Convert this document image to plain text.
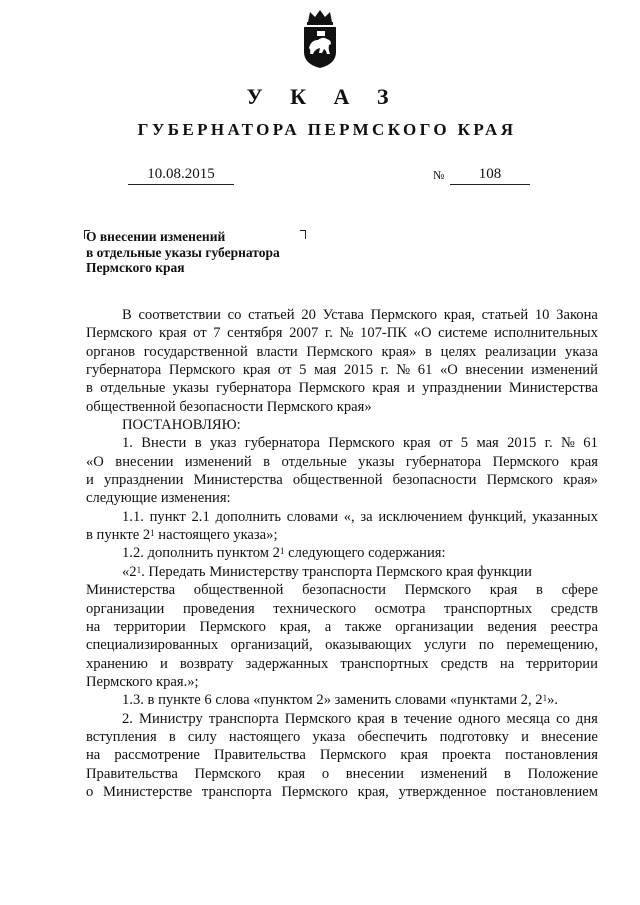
У К А З
ГУБЕРНАТОРА ПЕРМСКОГО КРАЯ
10.08.2015	№	108
О внесении изменений
в отдельные указы губернатора
Пермского края
В соответствии со статьей 20 Устава Пермского края, статьей 10 Закона
Пермского края от 7 сентября 2007 г. № 107-ПК «О системе исполнительных
органов государственной власти Пермского края» в целях реализации указа
губернатора Пермского края от 5 мая 2015 г. № 61 «О внесении изменений
в отдельные указы губернатора Пермского края и упразднении Министерства
общественной безопасности Пермского края»
ПОСТАНОВЛЯЮ:
1. Внести в указ губернатора Пермского края от 5 мая 2015 г. № 61
«О внесении изменений в отдельные указы губернатора Пермского края
и упразднении Министерства общественной безопасности Пермского края»
следующие изменения:
1.1. пункт 2.1 дополнить словами «, за исключением функций, указанных
в пункте $2^1$ настоящего указа»;
1.2. дополнить пунктом $2^1$ следующего содержания:
«$2^1$. Передать Министерству транспорта Пермского края функции
Министерства общественной безопасности Пермского края в сфере
организации проведения технического осмотра транспортных средств
на территории Пермского края, а также организации ведения реестра
специализированных организаций, оказывающих услуги по перемещению,
хранению и возврату задержанных транспортных средств на территории
Пермского края.»;
1.3. в пункте 6 слова «пунктом 2» заменить словами «пунктами 2, $2^1$».
2. Министру транспорта Пермского края в течение одного месяца со дня
вступления в силу настоящего указа обеспечить подготовку и внесение
на рассмотрение Правительства Пермского края проекта постановления
Правительства Пермского края о внесении изменений в Положение
о Министерстве транспорта Пермского края, утвержденное постановлением
